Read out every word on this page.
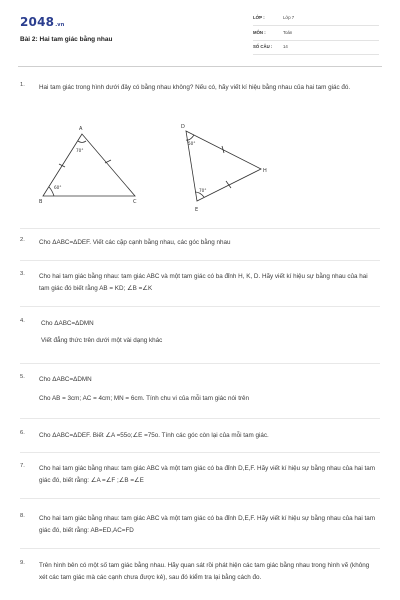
2048.vn
Bài 2: Hai tam giác bằng nhau
LỚP :	Lớp 7
MÔN :	Toán
SỐ CÂU : 14
1. Hai tam giác trong hình dưới đây có bằng nhau không? Nếu có, hãy viết kí hiệu bằng nhau của hai tam giác đó.
A
B	C
D
H
E
70°
60°
50°
70°
2. Cho ΔABC=ΔDEF. Viết các cặp cạnh bằng nhau, các góc bằng nhau
3. Cho hai tam giác bằng nhau: tam giác ABC và một tam giác có ba đỉnh H, K, D. Hãy viết kí hiệu sự bằng nhau của hai tam giác đó biết rằng AB = KD; ∠B =∠K
4.	Cho ΔABC=ΔDMN
Viết đẳng thức trên dưới một vài dạng khác
5. Cho ΔABC=ΔDMN
Cho AB = 3cm; AC = 4cm; MN = 6cm. Tính chu vi của mỗi tam giác nói trên
6. Cho ΔABC=ΔDEF. Biết ∠A =55o;∠E =75o. Tính các góc còn lại của mỗi tam giác.
7. Cho hai tam giác bằng nhau: tam giác ABC và một tam giác có ba đỉnh D,E,F. Hãy viết kí hiệu sự bằng nhau của hai tam giác đó, biết rằng: ∠A =∠F ;∠B =∠E
8. Cho hai tam giác bằng nhau: tam giác ABC và một tam giác có ba đỉnh D,E,F. Hãy viết kí hiệu sự bằng nhau của hai tam giác đó, biết rằng: AB=ED,AC=FD
9. Trên hình bên có một số tam giác bằng nhau. Hãy quan sát rồi phát hiện các tam giác bằng nhau trong hình vẽ (không xét các tam giác mà các cạnh chưa được kẻ), sau đó kiểm tra lại bằng cách đo.
